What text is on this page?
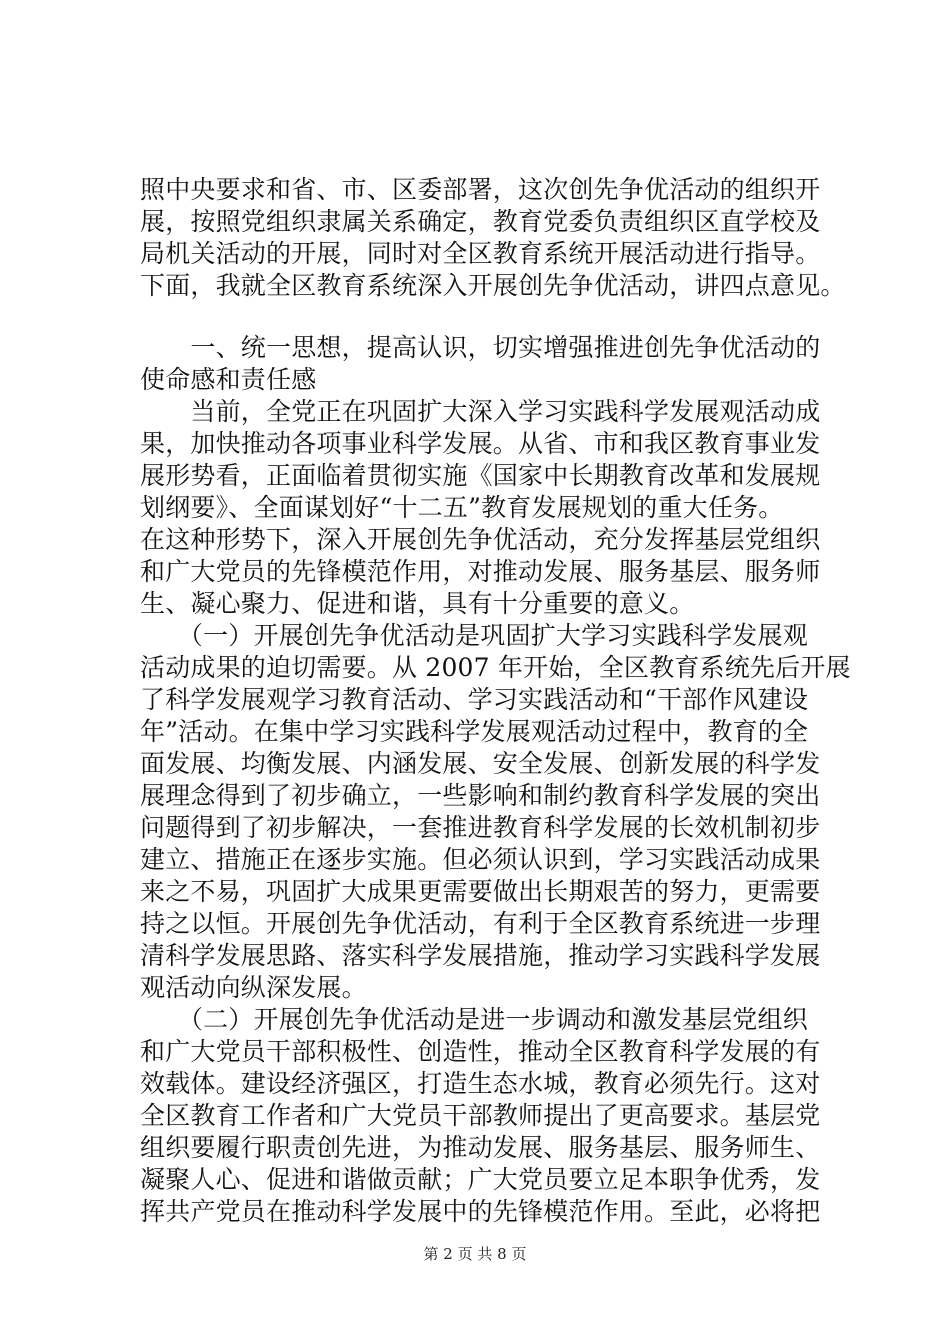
照中央要求和省、市、区委部署，这次创先争优活动的组织开
展，按照党组织隶属关系确定，教育党委负责组织区直学校及
局机关活动的开展，同时对全区教育系统开展活动进行指导。
下面，我就全区教育系统深入开展创先争优活动，讲四点意见。
　　一、统一思想，提高认识，切实增强推进创先争优活动的
使命感和责任感
　　当前，全党正在巩固扩大深入学习实践科学发展观活动成
果，加快推动各项事业科学发展。从省、市和我区教育事业发
展形势看，正面临着贯彻实施《国家中长期教育改革和发展规
划纲要》、全面谋划好“十二五”教育发展规划的重大任务。
在这种形势下，深入开展创先争优活动，充分发挥基层党组织
和广大党员的先锋模范作用，对推动发展、服务基层、服务师
生、凝心聚力、促进和谐，具有十分重要的意义。
　　（一）开展创先争优活动是巩固扩大学习实践科学发展观
活动成果的迫切需要。从 2007 年开始，全区教育系统先后开展
了科学发展观学习教育活动、学习实践活动和“干部作风建设
年”活动。在集中学习实践科学发展观活动过程中，教育的全
面发展、均衡发展、内涵发展、安全发展、创新发展的科学发
展理念得到了初步确立，一些影响和制约教育科学发展的突出
问题得到了初步解决，一套推进教育科学发展的长效机制初步
建立、措施正在逐步实施。但必须认识到，学习实践活动成果
来之不易，巩固扩大成果更需要做出长期艰苦的努力，更需要
持之以恒。开展创先争优活动，有利于全区教育系统进一步理
清科学发展思路、落实科学发展措施，推动学习实践科学发展
观活动向纵深发展。
　　（二）开展创先争优活动是进一步调动和激发基层党组织
和广大党员干部积极性、创造性，推动全区教育科学发展的有
效载体。建设经济强区，打造生态水城，教育必须先行。这对
全区教育工作者和广大党员干部教师提出了更高要求。基层党
组织要履行职责创先进，为推动发展、服务基层、服务师生、
凝聚人心、促进和谐做贡献；广大党员要立足本职争优秀，发
挥共产党员在推动科学发展中的先锋模范作用。至此，必将把
第 2 页 共 8 页
